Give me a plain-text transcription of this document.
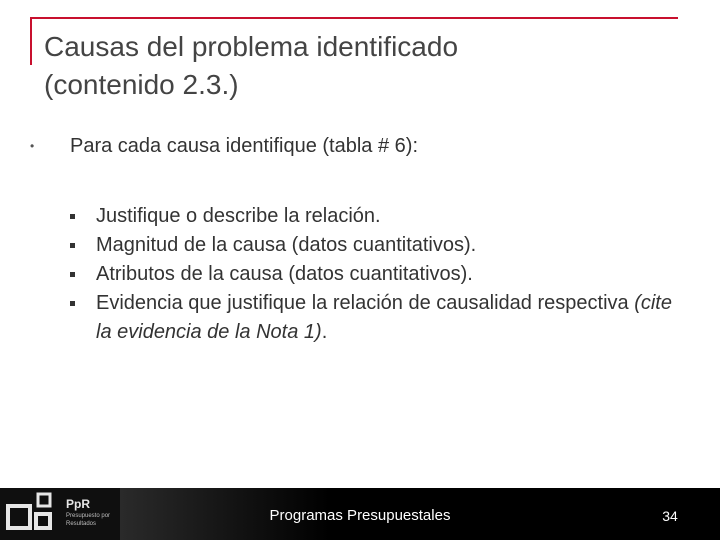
Causas del problema identificado
(contenido 2.3.)
•	Para cada causa identifique (tabla # 6):
Justifique o describe la relación.
Magnitud de la causa (datos cuantitativos).
Atributos de la causa (datos cuantitativos).
Evidencia que justifique la relación de causalidad respectiva (cite la evidencia de la Nota 1).
PpR
Presupuesto por Resultados	Programas Presupuestales	34
